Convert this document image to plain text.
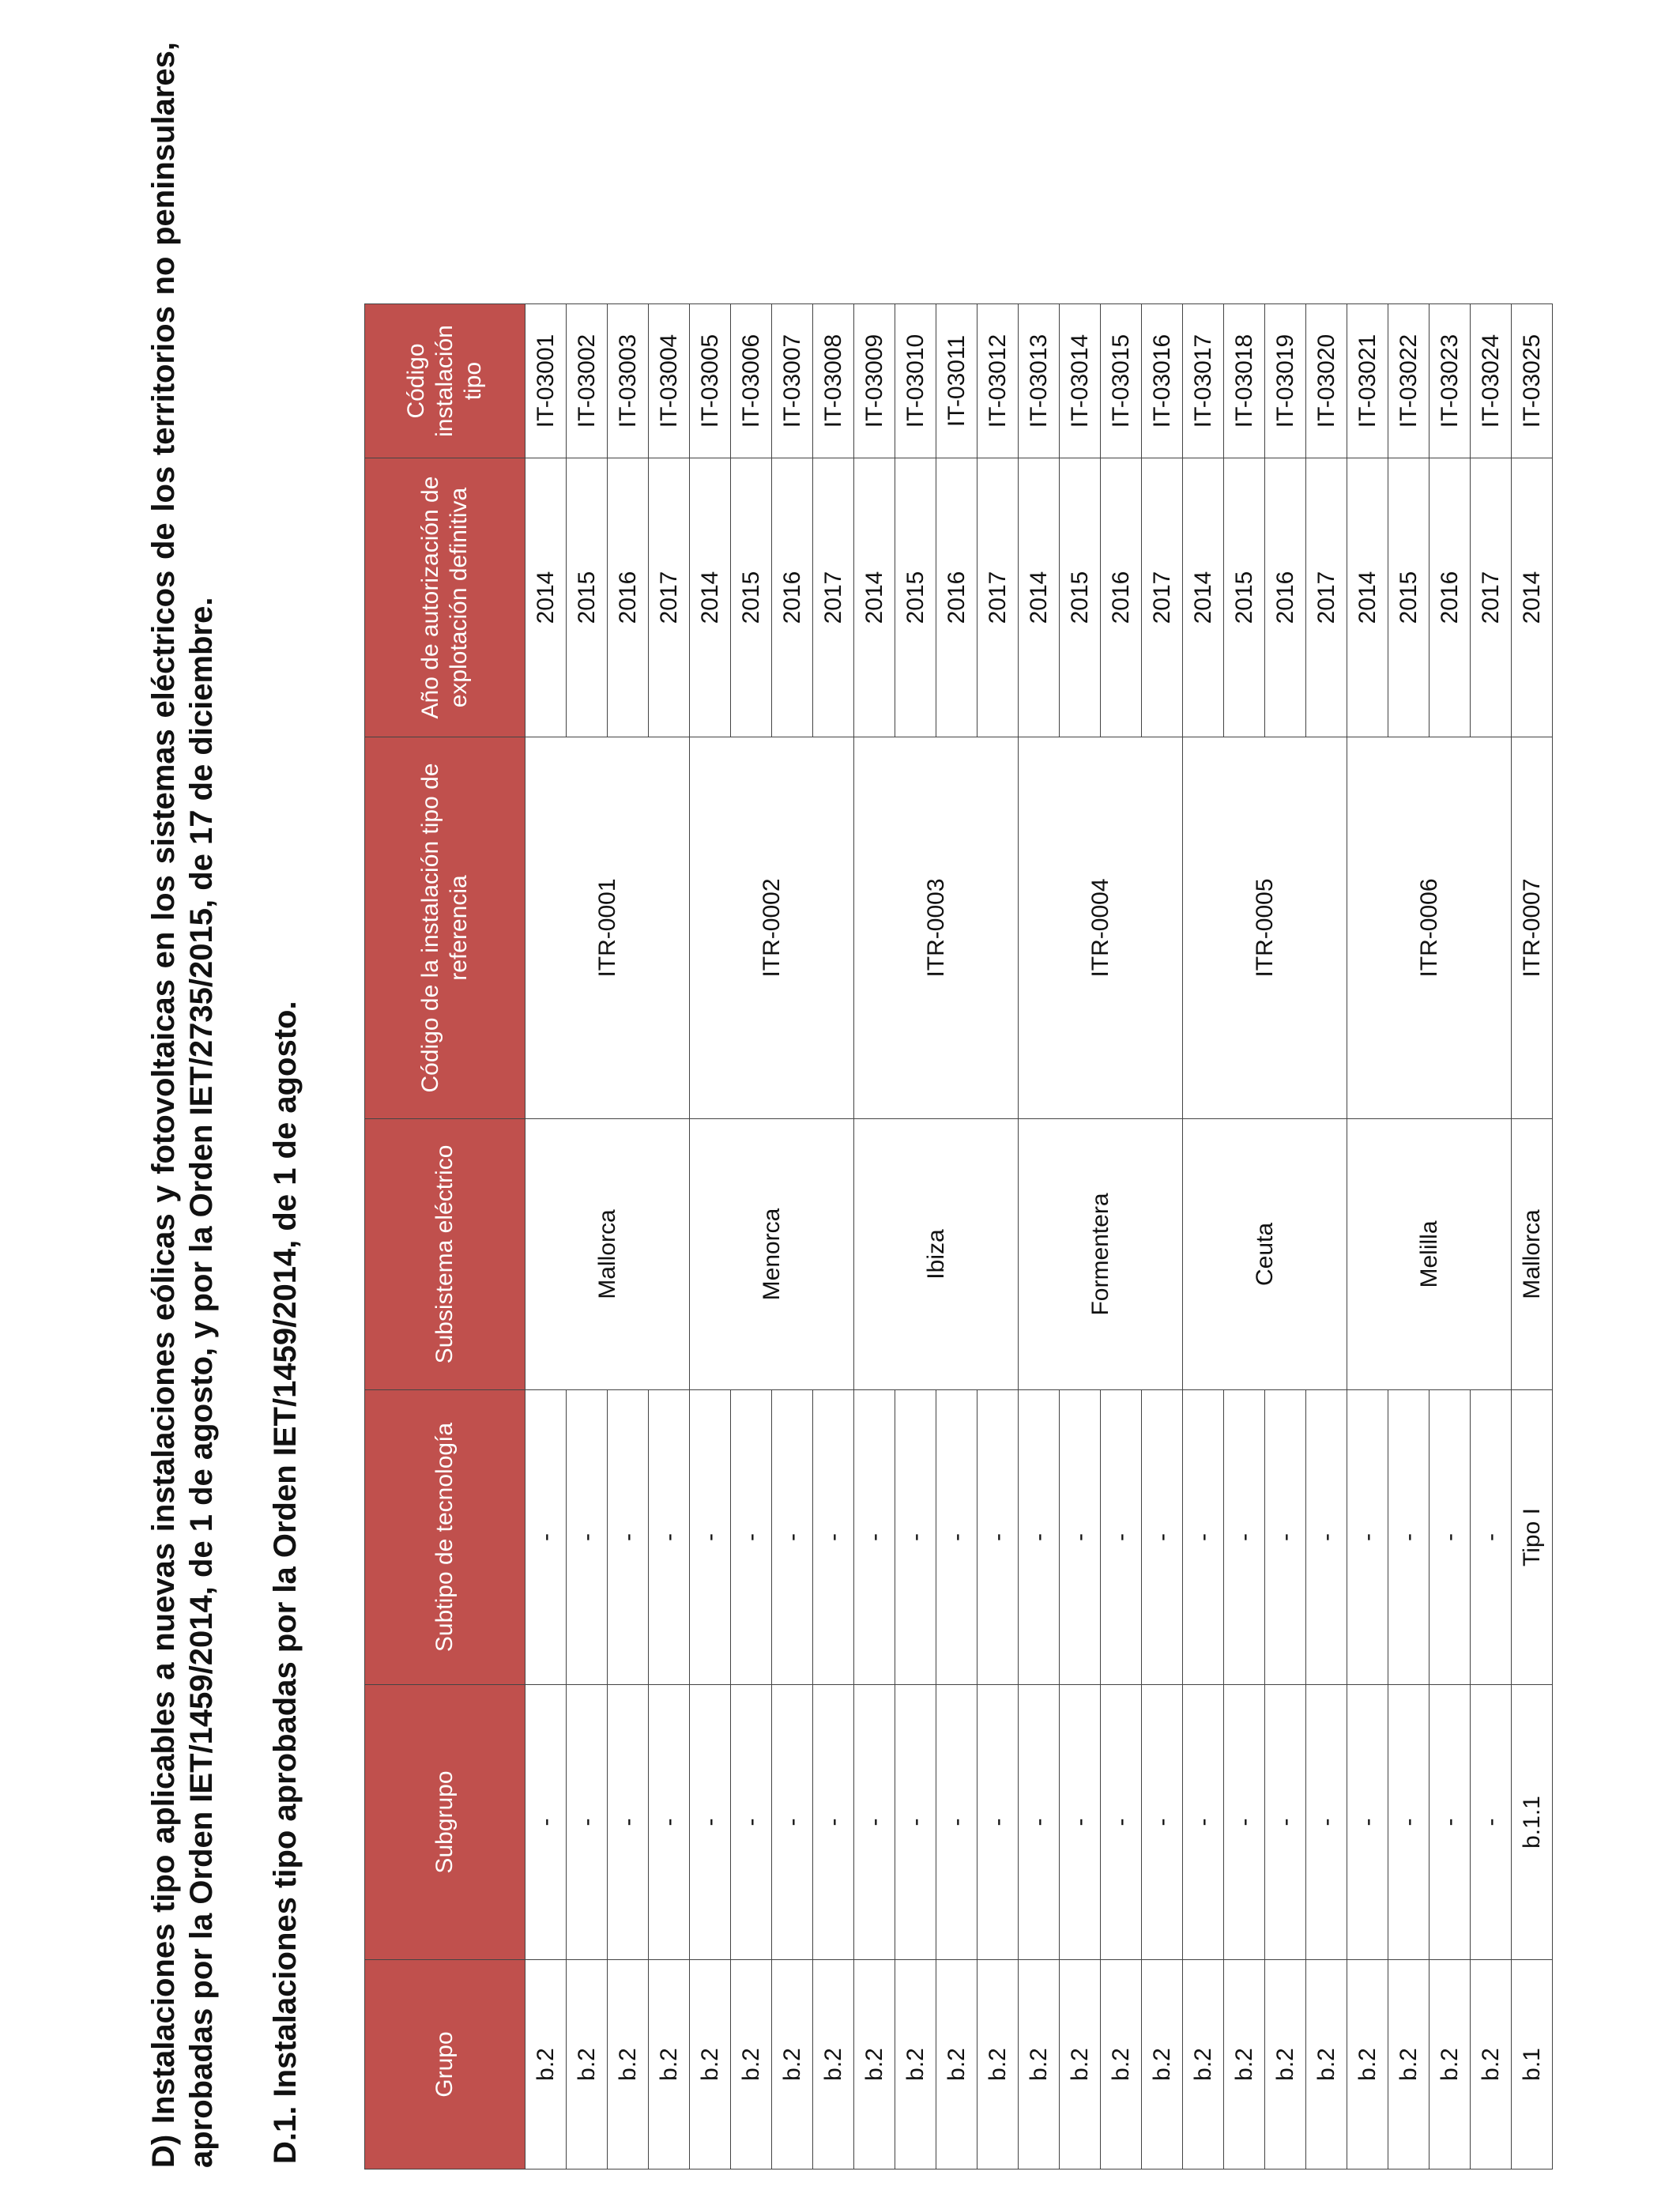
D) Instalaciones tipo aplicables a nuevas instalaciones eólicas y fotovoltaicas en los sistemas eléctricos de los territorios no peninsulares, aprobadas por la Orden IET/1459/2014, de 1 de agosto, y por la Orden IET/2735/2015, de 17 de diciembre. D.1. Instalaciones tipo aprobadas por la Orden IET/1459/2014, de 1 de agosto.	Grupo	Subgrupo	Subtipo de tecnología	Subsistema eléctrico	Código de la instalación tipo de referencia	Año de autorización de explotación definitiva	Código instalación tipo
b.2	-	-	Mallorca	ITR-0001	2014	IT-03001
b.2	-	-			2015	IT-03002
b.2	-	-			2016	IT-03003
b.2	-	-			2017	IT-03004
b.2	-	-	Menorca	ITR-0002	2014	IT-03005
b.2	-	-			2015	IT-03006
b.2	-	-			2016	IT-03007
b.2	-	-			2017	IT-03008
b.2	-	-	Ibiza	ITR-0003	2014	IT-03009
b.2	-	-			2015	IT-03010
b.2	-	-			2016	IT-03011
b.2	-	-			2017	IT-03012
b.2	-	-	Formentera	ITR-0004	2014	IT-03013
b.2	-	-			2015	IT-03014
b.2	-	-			2016	IT-03015
b.2	-	-			2017	IT-03016
b.2	-	-	Ceuta	ITR-0005	2014	IT-03017
b.2	-	-			2015	IT-03018
b.2	-	-			2016	IT-03019
b.2	-	-			2017	IT-03020
b.2	-	-	Melilla	ITR-0006	2014	IT-03021
b.2	-	-			2015	IT-03022
b.2	-	-			2016	IT-03023
b.2	-	-			2017	IT-03024
b.1	b.1.1	Tipo I	Mallorca	ITR-0007	2014	IT-03025
